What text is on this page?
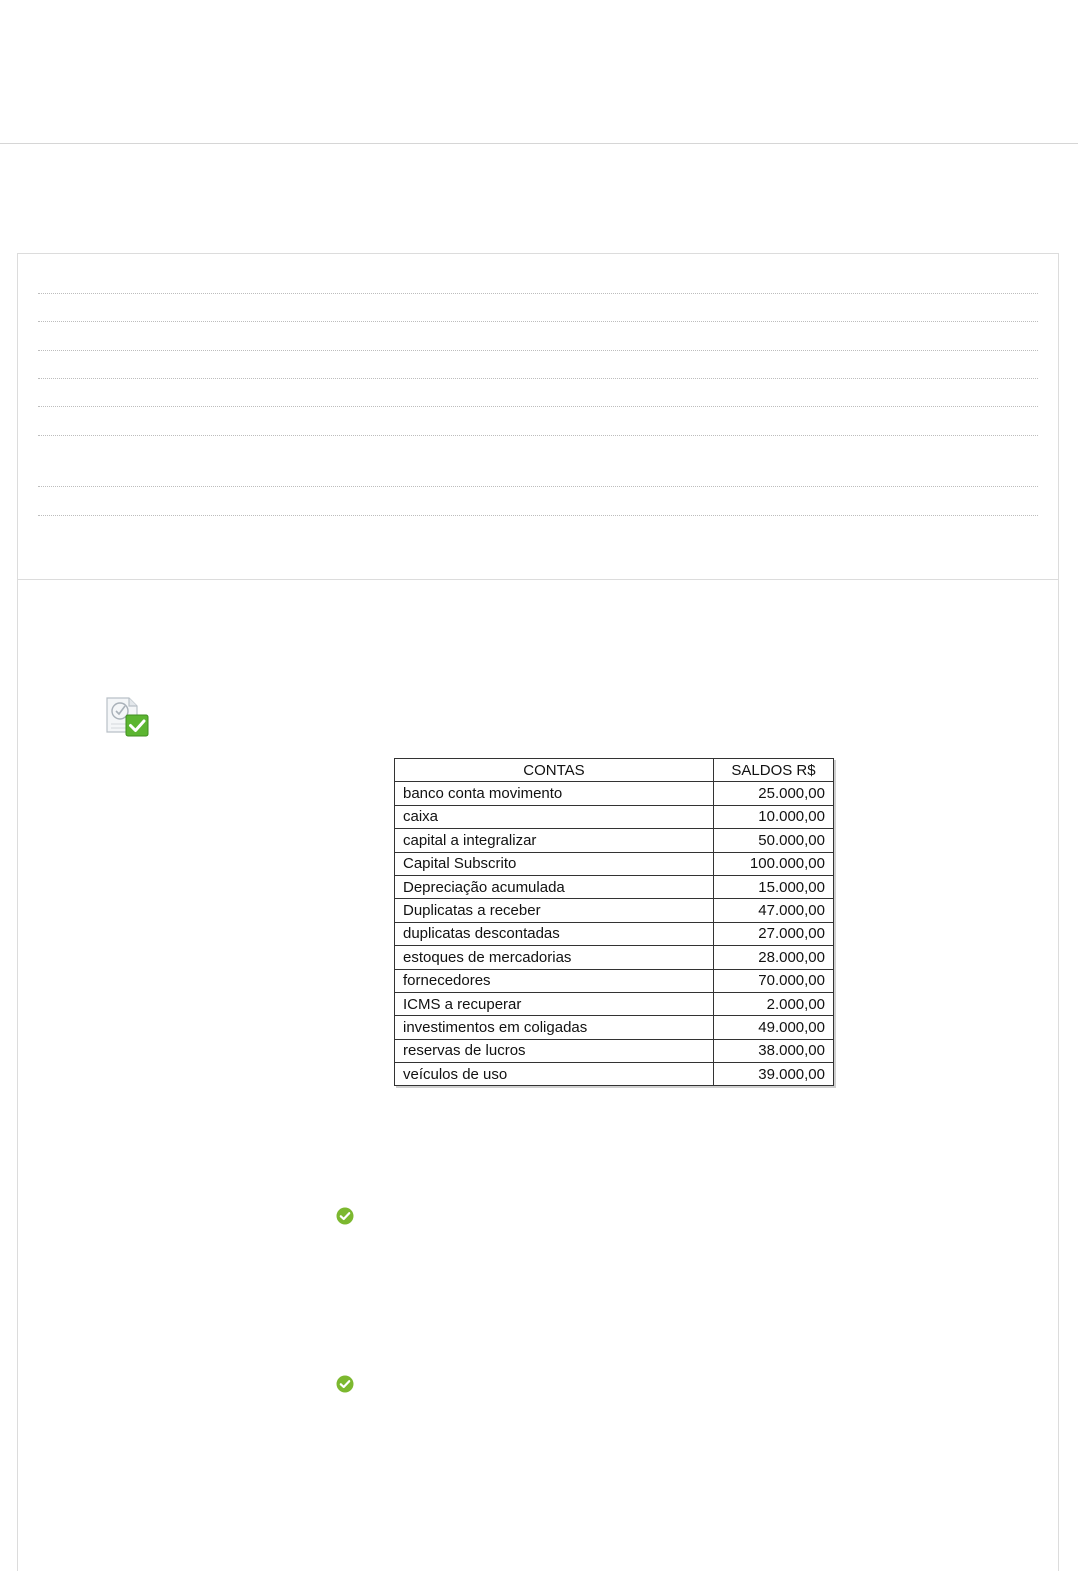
CONTAS	SALDOS R$
banco conta movimento	25.000,00
caixa	10.000,00
capital a integralizar	50.000,00
Capital Subscrito	100.000,00
Depreciação acumulada	15.000,00
Duplicatas a receber	47.000,00
duplicatas descontadas	27.000,00
estoques de mercadorias	28.000,00
fornecedores	70.000,00
ICMS a recuperar	2.000,00
investimentos em coligadas	49.000,00
reservas de lucros	38.000,00
veículos de uso	39.000,00
